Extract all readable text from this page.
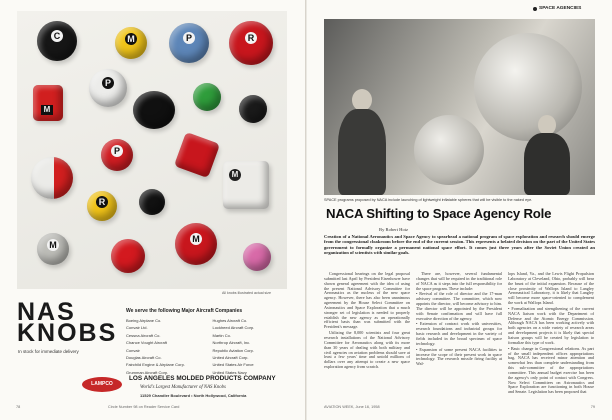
C	M	P	R
M
P
P
R
M
M
M
All knobs illustrated actual size
NAS
KNOBS
In stock for immediate delivery
We serve the following Major Aircraft Companies
Boeing Airplane Co.	Hughes Aircraft Co.
Convair Ltd.	Lockheed Aircraft Corp.
Cessna Aircraft Co.	Martin Co.
Chance Vought Aircraft	Northrop Aircraft, Inc.
Convair	Republic Aviation Corp.
Douglas Aircraft Co.	United Aircraft Corp.
Fairchild Engine & Airplane Corp.	United States Air Force
Grumman Aircraft Corp.	United States Navy
LAMPCO
LOS ANGELES MOLDED PRODUCTS COMPANY
World's Largest Manufacturer of NAS Knobs
11529 Chandler Boulevard • North Hollywood, California
78	Circle Number 98 on Reader Service Card
SPACE AGENCIES
SPACE programs proposed by NACA include launching of lightweight inflatable spheres that will be visible to the naked eye.
NACA Shifting to Space Agency Role
By Robert Hotz
Creation of a National Aeronautics and Space Agency to spearhead a national program of space exploration and research should emerge from the congressional cloakroom before the end of the current session. This represents a belated decision on the part of the United States government to formally organize a permanent national space effort. It comes just three years after the Soviet Union created an organization of scientists with similar goals.

Congressional hearings on the legal proposal submitted last April by President Eisenhower have shown general agreement with the idea of using the present National Advisory Committee for Aeronautics as the nucleus of the new space agency. However, there has also been unanimous agreement by the House Select Committee on Astronautics and Space Exploration that a much stronger set of legislation is needed to properly establish the new agency as an operationally efficient basis than was submitted with the President's message.

Utilizing the 8,000 scientists and four great research installations of the National Advisory Committee for Aeronautics along with its more than 30 years of dealing with both military and civil agencies on aviation problems should save at least a few years' time and untold millions of dollars over any attempt to create a new space exploration agency from scratch.

There are, however, several fundamental changes that will be required in the traditional role of NACA as it steps into the full responsibility for the space program. These include:

• Revival of the role of director and the 17-man advisory committee. The committee, which now appoints the director, will become advisory to him. The director will be appointed by the President with Senate confirmation and will have full executive direction of the agency.

• Extension of contract work with universities, research foundations and industrial groups for basic research and development in the variety of fields included in the broad spectrum of space technology.

• Expansion of some present NACA facilities to increase the scope of their present work in space technology. The research missile firing facility at Wal-

lops Island, Va., and the Lewis Flight Propulsion Laboratory at Cleveland, Ohio, probably will bear the brunt of the initial expansion. Because of the close proximity of Wallops Island to Langley Aeronautical Laboratory, it is likely that Langley will become more space-oriented to complement the work at Wallops Island.

• Formalization and strengthening of the current NACA liaison work with the Department of Defense and the Atomic Energy Commission. Although NACA has been working actively with both agencies on a wide variety of research areas and development projects it is likely that special liaison groups will be created by legislation to formalize this type of work.

• Basic change in Congressional relations. As part of the small independent offices appropriations bag, NACA has received minor attention and somewhat less than complete understanding from this sub-committee of the appropriations committee. This annual budget exercise has been the agency's only point of contact with Congress. Now Select Committees on Astronautics and Space Exploration are functioning in both House and Senate. Legislation has been proposed that

AVIATION WEEK, June 16, 1958	79
